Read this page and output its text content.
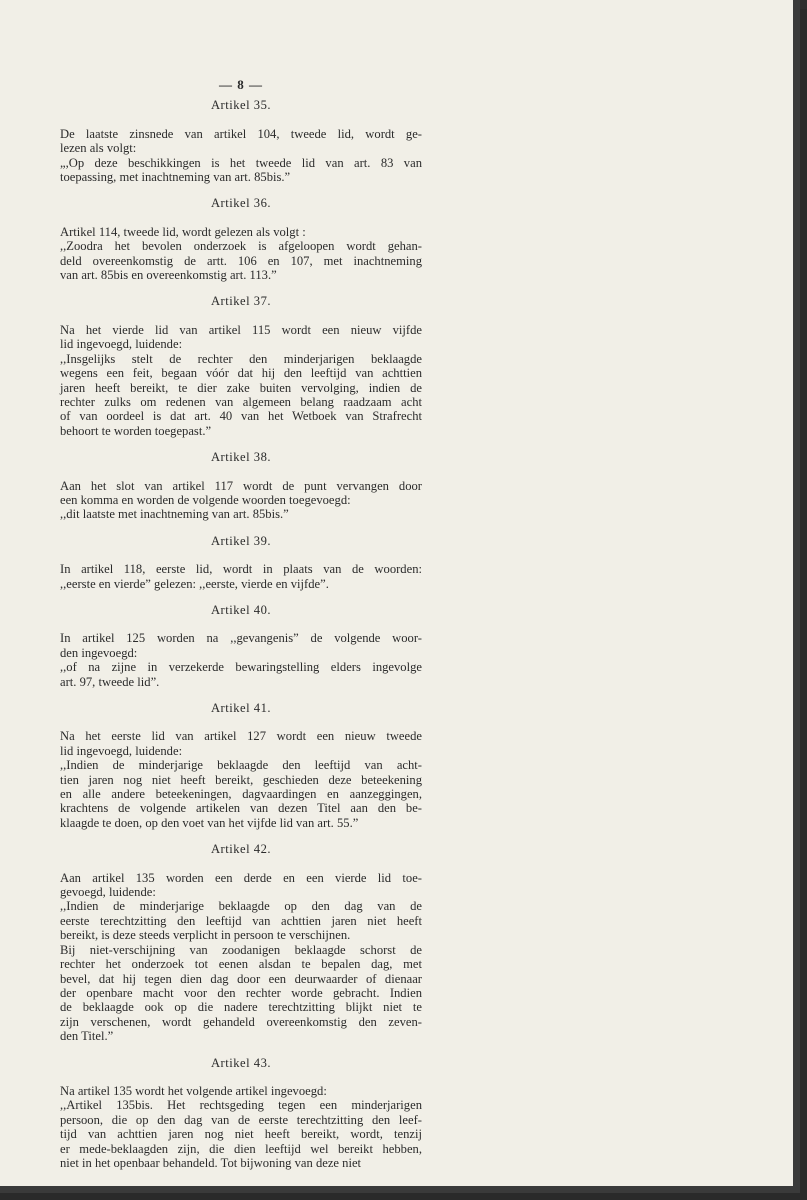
— 8 —
Artikel 35.
De laatste zinsnede van artikel 104, tweede lid, wordt ge-
lezen als volgt:
„,Op deze beschikkingen is het tweede lid van art. 83 van
toepassing, met inachtneming van art. 85bis.”
Artikel 36.
Artikel 114, tweede lid, wordt gelezen als volgt :
,,Zoodra het bevolen onderzoek is afgeloopen wordt gehan-
deld overeenkomstig de artt. 106 en 107, met inachtneming
van art. 85bis en overeenkomstig art. 113.”
Artikel 37.
Na het vierde lid van artikel 115 wordt een nieuw vijfde
lid ingevoegd, luidende:
,,Insgelijks stelt de rechter den minderjarigen beklaagde
wegens een feit, begaan vóór dat hij den leeftijd van achttien
jaren heeft bereikt, te dier zake buiten vervolging, indien de
rechter zulks om redenen van algemeen belang raadzaam acht
of van oordeel is dat art. 40 van het Wetboek van Strafrecht
behoort te worden toegepast.”
Artikel 38.
Aan het slot van artikel 117 wordt de punt vervangen door
een komma en worden de volgende woorden toegevoegd:
,,dit laatste met inachtneming van art. 85bis.”
Artikel 39.
In artikel 118, eerste lid, wordt in plaats van de woorden:
,,eerste en vierde” gelezen: ,,eerste, vierde en vijfde”.
Artikel 40.
In artikel 125 worden na ,,gevangenis” de volgende woor-
den ingevoegd:
,,of na zijne in verzekerde bewaringstelling elders ingevolge
art. 97, tweede lid”.
Artikel 41.
Na het eerste lid van artikel 127 wordt een nieuw tweede
lid ingevoegd, luidende:
,,Indien de minderjarige beklaagde den leeftijd van acht-
tien jaren nog niet heeft bereikt, geschieden deze beteekening
en alle andere beteekeningen, dagvaardingen en aanzeggingen,
krachtens de volgende artikelen van dezen Titel aan den be-
klaagde te doen, op den voet van het vijfde lid van art. 55.”
Artikel 42.
Aan artikel 135 worden een derde en een vierde lid toe-
gevoegd, luidende:
,,Indien de minderjarige beklaagde op den dag van de
eerste terechtzitting den leeftijd van achttien jaren niet heeft
bereikt, is deze steeds verplicht in persoon te verschijnen.
Bij niet-verschijning van zoodanigen beklaagde schorst de
rechter het onderzoek tot eenen alsdan te bepalen dag, met
bevel, dat hij tegen dien dag door een deurwaarder of dienaar
der openbare macht voor den rechter worde gebracht. Indien
de beklaagde ook op die nadere terechtzitting blijkt niet te
zijn verschenen, wordt gehandeld overeenkomstig den zeven-
den Titel.”
Artikel 43.
Na artikel 135 wordt het volgende artikel ingevoegd:
,,Artikel 135bis. Het rechtsgeding tegen een minderjarigen
persoon, die op den dag van de eerste terechtzitting den leef-
tijd van achttien jaren nog niet heeft bereikt, wordt, tenzij
er mede-beklaagden zijn, die dien leeftijd wel bereikt hebben,
niet in het openbaar behandeld. Tot bijwoning van deze niet
